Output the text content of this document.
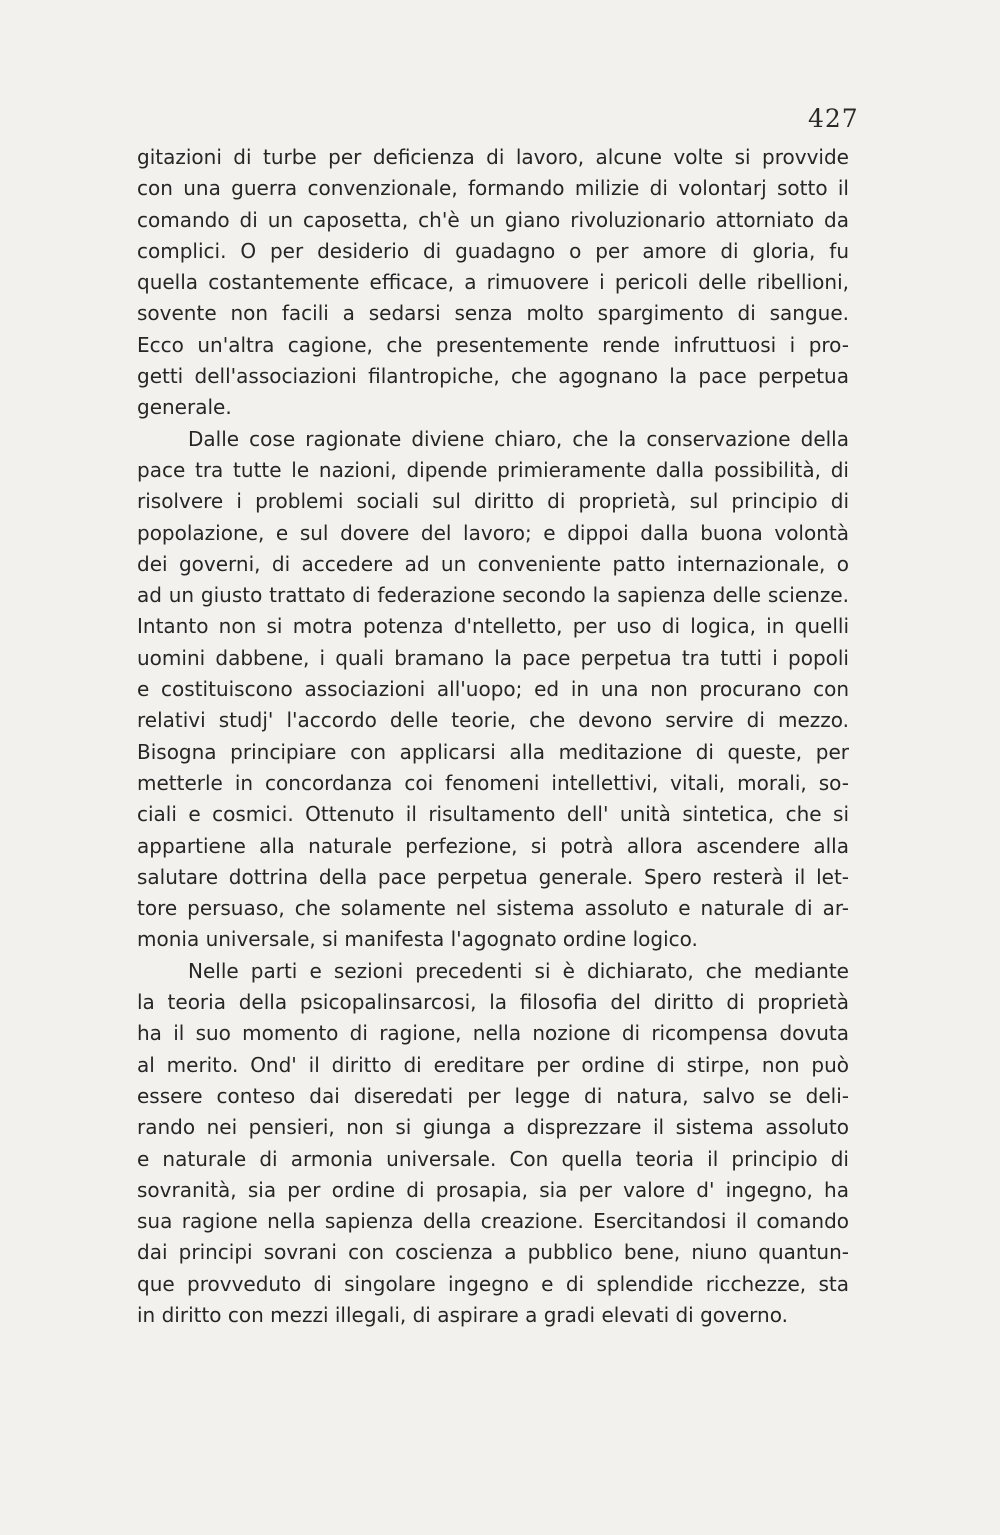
427
gitazioni di turbe per deficienza di lavoro, alcune volte si provvide
con una guerra convenzionale, formando milizie di volontarj sotto il
comando di un caposetta, ch'è un giano rivoluzionario attorniato da
complici. O per desiderio di guadagno o per amore di gloria, fu
quella costantemente efficace, a rimuovere i pericoli delle ribellioni,
sovente non facili a sedarsi senza molto spargimento di sangue.
Ecco un'altra cagione, che presentemente rende infruttuosi i pro-
getti dell'associazioni filantropiche, che agognano la pace perpetua
generale.
Dalle cose ragionate diviene chiaro, che la conservazione della
pace tra tutte le nazioni, dipende primieramente dalla possibilità, di
risolvere i problemi sociali sul diritto di proprietà, sul principio di
popolazione, e sul dovere del lavoro; e dippoi dalla buona volontà
dei governi, di accedere ad un conveniente patto internazionale, o
ad un giusto trattato di federazione secondo la sapienza delle scienze.
Intanto non si motra potenza d'ntelletto, per uso di logica, in quelli
uomini dabbene, i quali bramano la pace perpetua tra tutti i popoli
e costituiscono associazioni all'uopo; ed in una non procurano con
relativi studj' l'accordo delle teorie, che devono servire di mezzo.
Bisogna principiare con applicarsi alla meditazione di queste, per
metterle in concordanza coi fenomeni intellettivi, vitali, morali, so-
ciali e cosmici. Ottenuto il risultamento dell' unità sintetica, che si
appartiene alla naturale perfezione, si potrà allora ascendere alla
salutare dottrina della pace perpetua generale. Spero resterà il let-
tore persuaso, che solamente nel sistema assoluto e naturale di ar-
monia universale, si manifesta l'agognato ordine logico.
Nelle parti e sezioni precedenti si è dichiarato, che mediante
la teoria della psicopalinsarcosi, la filosofia del diritto di proprietà
ha il suo momento di ragione, nella nozione di ricompensa dovuta
al merito. Ond' il diritto di ereditare per ordine di stirpe, non può
essere conteso dai diseredati per legge di natura, salvo se deli-
rando nei pensieri, non si giunga a disprezzare il sistema assoluto
e naturale di armonia universale. Con quella teoria il principio di
sovranità, sia per ordine di prosapia, sia per valore d' ingegno, ha
sua ragione nella sapienza della creazione. Esercitandosi il comando
dai principi sovrani con coscienza a pubblico bene, niuno quantun-
que provveduto di singolare ingegno e di splendide ricchezze, sta
in diritto con mezzi illegali, di aspirare a gradi elevati di governo.
